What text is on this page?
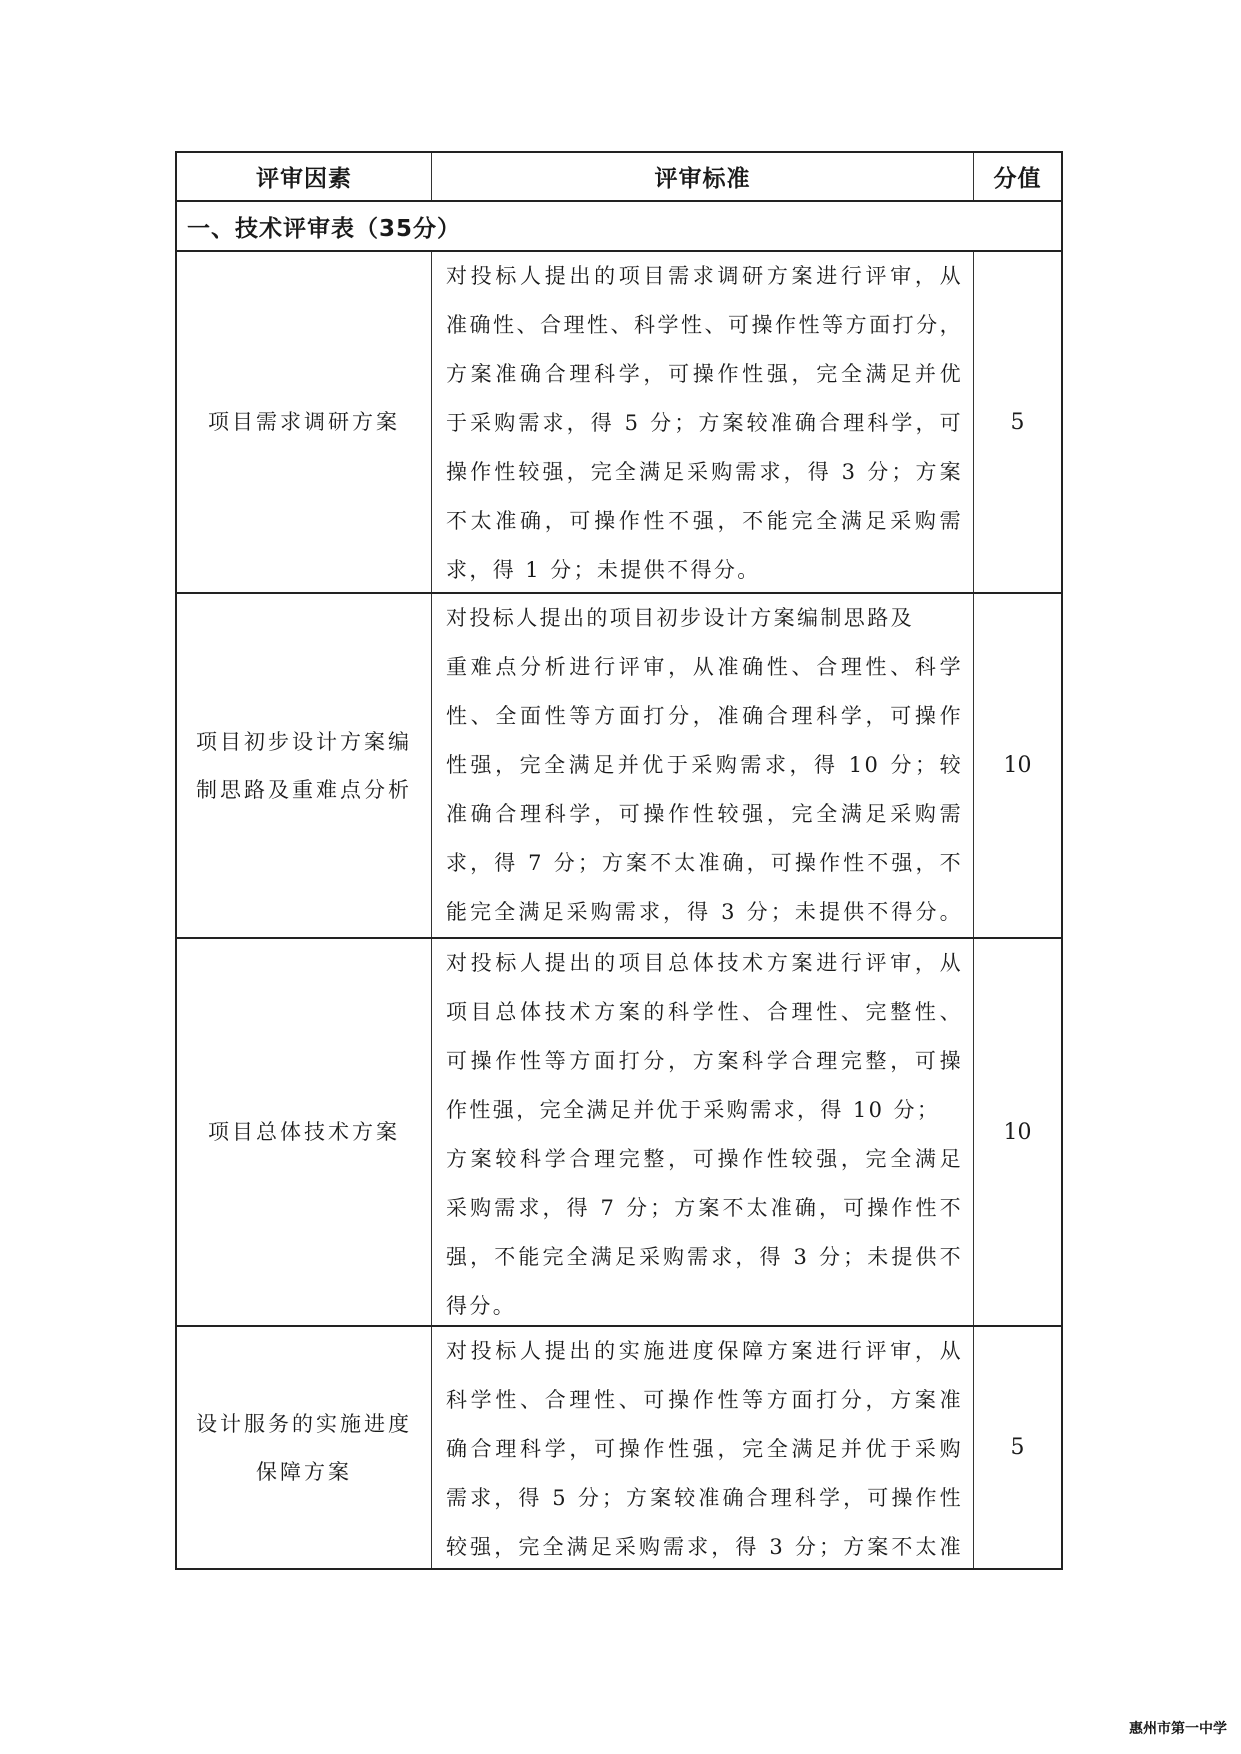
评审因素	评审标准	分值
一、技术评审表（35分）
项目需求调研方案
对投标人提出的项目需求调研方案进行评审，从
准确性、合理性、科学性、可操作性等方面打分，
方案准确合理科学，可操作性强，完全满足并优
于采购需求，得 5 分；方案较准确合理科学，可
操作性较强，完全满足采购需求，得 3 分；方案
不太准确，可操作性不强，不能完全满足采购需
求，得 1 分；未提供不得分。
5
项目初步设计方案编
制思路及重难点分析
对投标人提出的项目初步设计方案编制思路及
重难点分析进行评审，从准确性、合理性、科学
性、全面性等方面打分，准确合理科学，可操作
性强，完全满足并优于采购需求，得 10 分；较
准确合理科学，可操作性较强，完全满足采购需
求，得 7 分；方案不太准确，可操作性不强，不
能完全满足采购需求，得 3 分；未提供不得分。
10
项目总体技术方案
对投标人提出的项目总体技术方案进行评审，从
项目总体技术方案的科学性、合理性、完整性、
可操作性等方面打分，方案科学合理完整，可操
作性强，完全满足并优于采购需求，得 10 分；
方案较科学合理完整，可操作性较强，完全满足
采购需求，得 7 分；方案不太准确，可操作性不
强，不能完全满足采购需求，得 3 分；未提供不
得分。
10
设计服务的实施进度
保障方案
对投标人提出的实施进度保障方案进行评审，从
科学性、合理性、可操作性等方面打分，方案准
确合理科学，可操作性强，完全满足并优于采购
需求，得 5 分；方案较准确合理科学，可操作性
较强，完全满足采购需求，得 3 分；方案不太准
5
惠州市第一中学
